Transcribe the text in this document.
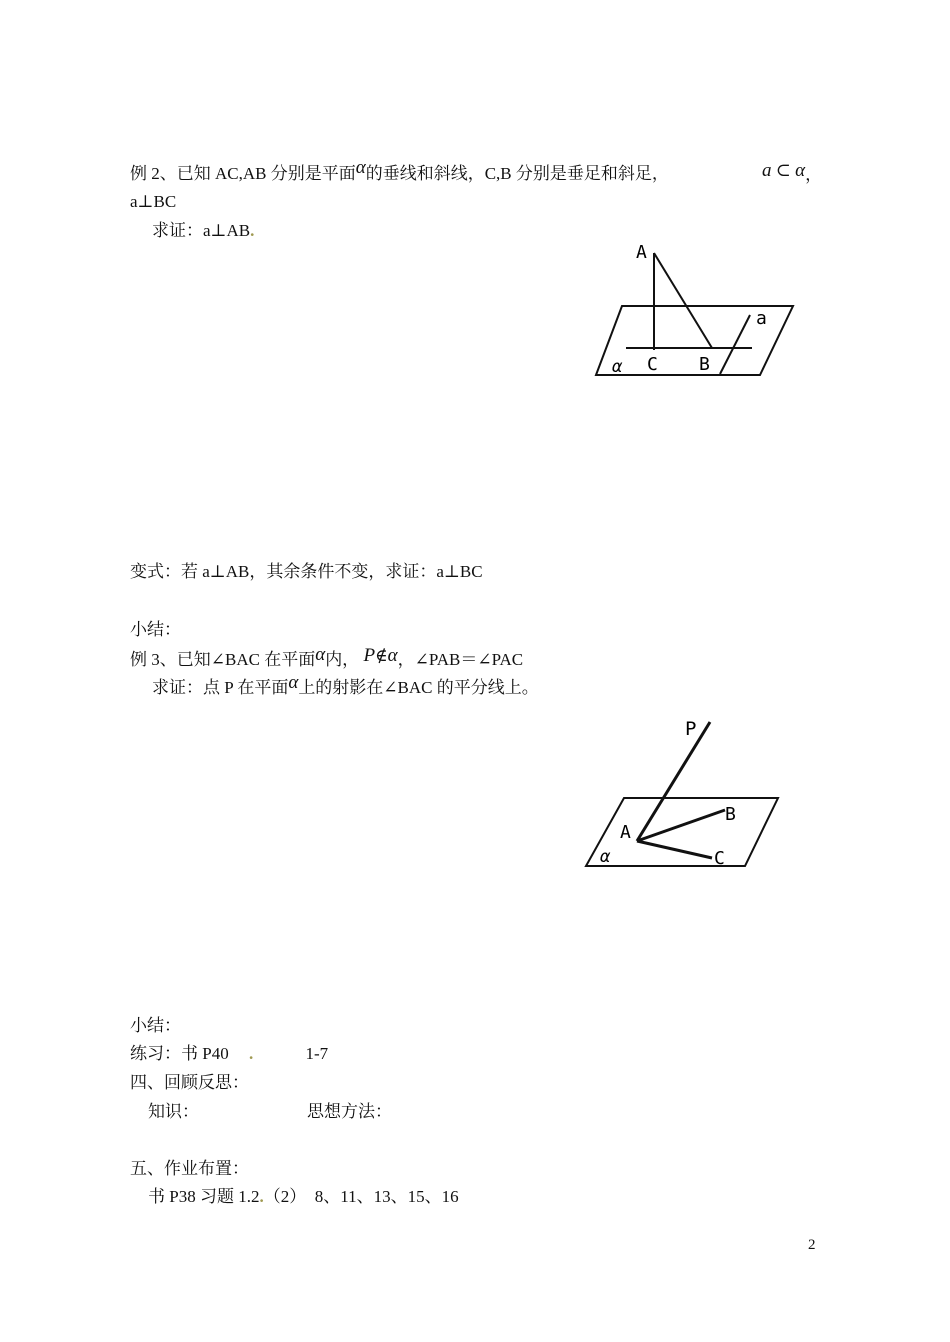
例 2、已知 AC,AB 分别是平面α的垂线和斜线，C,B 分别是垂足和斜足，	a ⊂ α，
a⊥BC
求证：a⊥AB.
A
C B
a
α
变式：若 a⊥AB，其余条件不变，求证：a⊥BC
小结：
例 3、已知∠BAC 在平面α内， P∉α，∠PAB＝∠PAC
求证：点 P 在平面α上的射影在∠BAC 的平分线上。
P
A
B
C
α
小结：
练习：书 P40 .	1-7
四、回顾反思：
知识：	思想方法：
五、作业布置：
书 P38 习题 1.2.（2）　8、11、13、15、16
2
